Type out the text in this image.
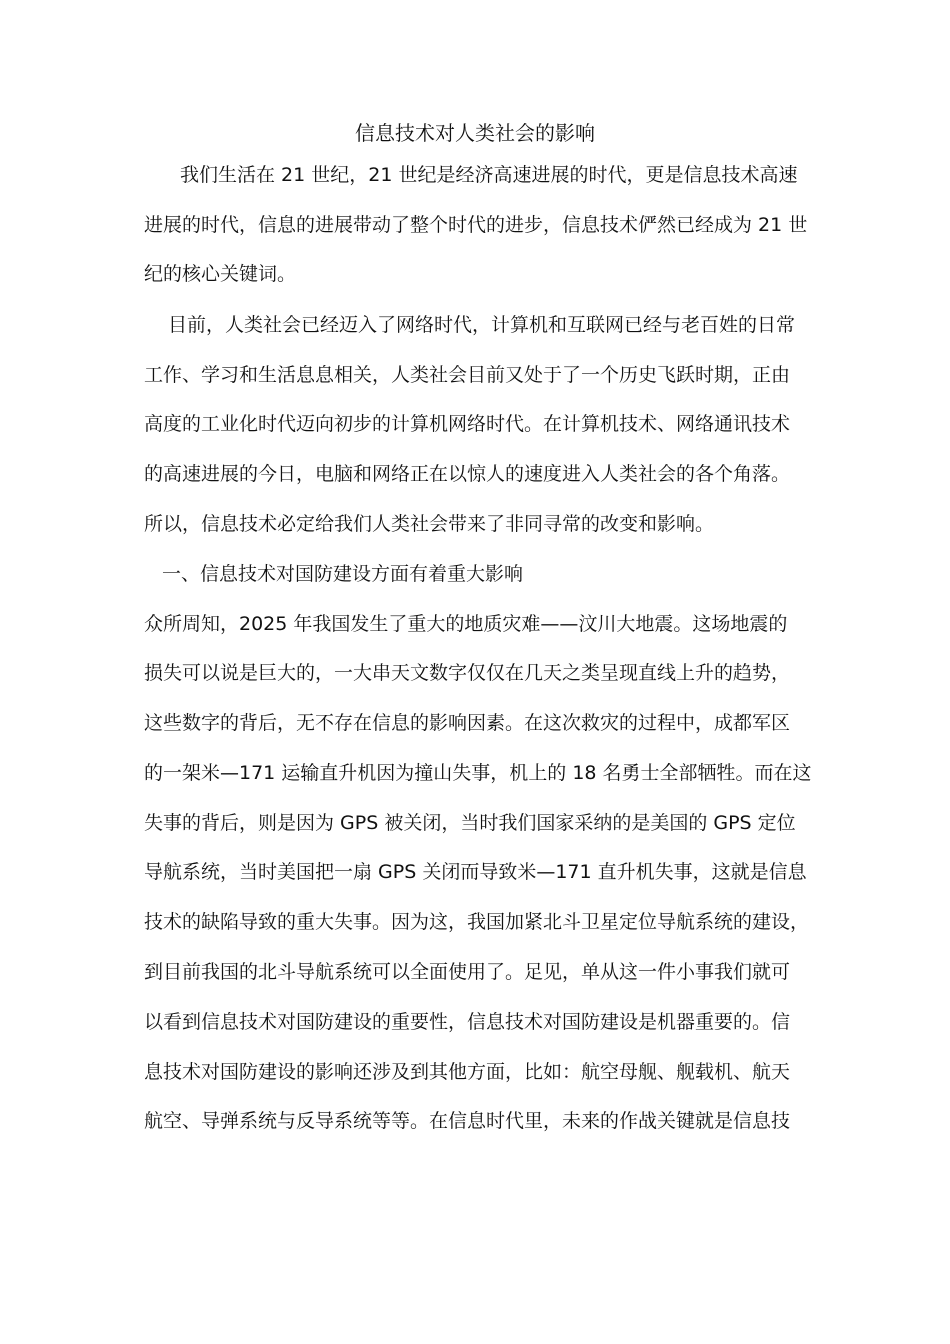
信息技术对人类社会的影响
我们生活在 21 世纪，21 世纪是经济高速进展的时代，更是信息技术高速
进展的时代，信息的进展带动了整个时代的进步，信息技术俨然已经成为 21 世
纪的核心关键词。
目前，人类社会已经迈入了网络时代，计算机和互联网已经与老百姓的日常
工作、学习和生活息息相关，人类社会目前又处于了一个历史飞跃时期，正由
高度的工业化时代迈向初步的计算机网络时代。在计算机技术、网络通讯技术
的高速进展的今日，电脑和网络正在以惊人的速度进入人类社会的各个角落。
所以，信息技术必定给我们人类社会带来了非同寻常的改变和影响。
一、信息技术对国防建设方面有着重大影响
众所周知，2025 年我国发生了重大的地质灾难——汶川大地震。这场地震的
损失可以说是巨大的，一大串天文数字仅仅在几天之类呈现直线上升的趋势，
这些数字的背后，无不存在信息的影响因素。在这次救灾的过程中，成都军区
的一架米—171 运输直升机因为撞山失事，机上的 18 名勇士全部牺牲。而在这
失事的背后，则是因为 GPS 被关闭，当时我们国家采纳的是美国的 GPS 定位
导航系统，当时美国把一扇 GPS 关闭而导致米—171 直升机失事，这就是信息
技术的缺陷导致的重大失事。因为这，我国加紧北斗卫星定位导航系统的建设，
到目前我国的北斗导航系统可以全面使用了。足见，单从这一件小事我们就可
以看到信息技术对国防建设的重要性，信息技术对国防建设是机器重要的。信
息技术对国防建设的影响还涉及到其他方面，比如：航空母舰、舰载机、航天
航空、导弹系统与反导系统等等。在信息时代里，未来的作战关键就是信息技
